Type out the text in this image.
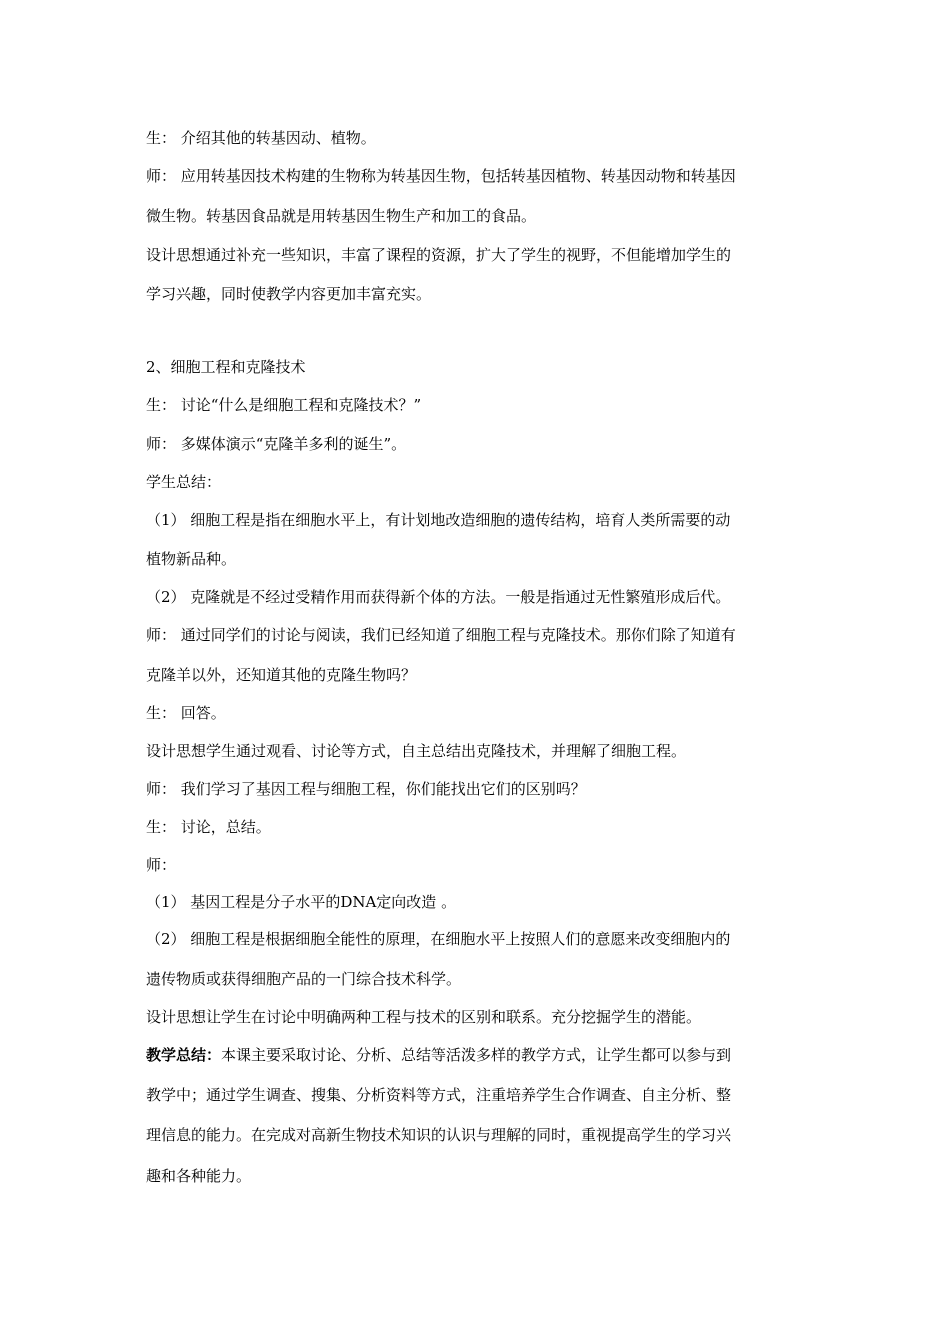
生： 介绍其他的转基因动、植物。
师： 应用转基因技术构建的生物称为转基因生物，包括转基因植物、转基因动物和转基因
微生物。转基因食品就是用转基因生物生产和加工的食品。
设计思想通过补充一些知识，丰富了课程的资源，扩大了学生的视野，不但能增加学生的
学习兴趣，同时使教学内容更加丰富充实。
2、细胞工程和克隆技术
生： 讨论“什么是细胞工程和克隆技术？”
师： 多媒体演示“克隆羊多利的诞生”。
学生总结：
（1） 细胞工程是指在细胞水平上，有计划地改造细胞的遗传结构，培育人类所需要的动
植物新品种。
（2） 克隆就是不经过受精作用而获得新个体的方法。一般是指通过无性繁殖形成后代。
师： 通过同学们的讨论与阅读，我们已经知道了细胞工程与克隆技术。那你们除了知道有
克隆羊以外，还知道其他的克隆生物吗？
生： 回答。
设计思想学生通过观看、讨论等方式，自主总结出克隆技术，并理解了细胞工程。
师： 我们学习了基因工程与细胞工程，你们能找出它们的区别吗？
生： 讨论，总结。
师：
（1） 基因工程是分子水平的DNA定向改造 。
（2） 细胞工程是根据细胞全能性的原理，在细胞水平上按照人们的意愿来改变细胞内的
遗传物质或获得细胞产品的一门综合技术科学。
设计思想让学生在讨论中明确两种工程与技术的区别和联系。充分挖掘学生的潜能。
教学总结：本课主要采取讨论、分析、总结等活泼多样的教学方式，让学生都可以参与到
教学中；通过学生调查、搜集、分析资料等方式，注重培养学生合作调查、自主分析、整
理信息的能力。在完成对高新生物技术知识的认识与理解的同时，重视提高学生的学习兴
趣和各种能力。
